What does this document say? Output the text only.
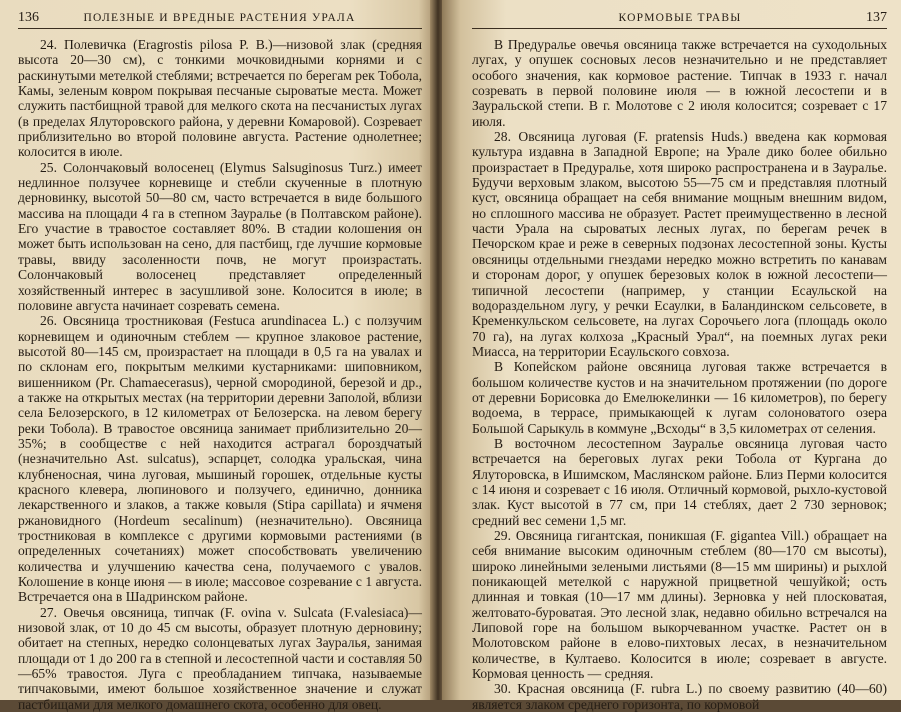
136	ПОЛЕЗНЫЕ И ВРЕДНЫЕ РАСТЕНИЯ УРАЛА

24. Полевичка (Eragrostis pilosa P. B.)—низовой злак (средняя высота 20—30 см), с тонкими мочковидными корнями и с раскинутыми метелкой стеблями; встречается по берегам рек Тобола, Камы, зеленым ковром покрывая песчаные сыроватые места. Может служить пастбищной травой для мелкого скота на песчанистых лугах (в пределах Ялуторовского района, у деревни Комаровой). Созревает приблизительно во второй половине августа. Растение однолетнее; колосится в июле.

25. Солончаковый волосенец (Elymus Salsuginosus Turz.) имеет недлинное ползучее корневище и стебли скученные в плотную дерновинку, высотой 50—80 см, часто встречается в виде большого массива на площади 4 га в степном Зауралье (в Полтавском районе). Его участие в травостое составляет 80%. В стадии колошения он может быть использован на сено, для пастбищ, где лучшие кормовые травы, ввиду засоленности почв, не могут произрастать. Солончаковый волосенец представляет определенный хозяйственный интерес в засушливой зоне. Колосится в июле; в половине августа начинает созревать семена.

26. Овсяница тростниковая (Festuca arundinacea L.) с ползучим корневищем и одиночным стеблем — крупное злаковое растение, высотой 80—145 см, произрастает на площади в 0,5 га на увалах и по склонам его, покрытым мелкими кустарниками: шиповником, вишенником (Pr. Chamaecerasus), черной смородиной, березой и др., а также на открытых местах (на территории деревни Заполой, вблизи села Белозерского, в 12 километрах от Белозерска. на левом берегу реки Тобола). В травостое овсяница занимает приблизительно 20—35%; в сообществе с ней находится астрагал бороздчатый (незначительно Ast. sulcatus), эспарцет, солодка уральская, чина клубненосная, чина луговая, мышиный горошек, отдельные кусты красного клевера, люпинового и ползучего, единично, донника лекарственного и злаков, а также ковыля (Stipa capillata) и ячменя ржановидного (Hordeum secalinum) (незначительно). Овсяница тростниковая в комплексе с другими кормовыми растениями (в определенных сочетаниях) может способствовать увеличению количества и улучшению качества сена, получаемого с увалов. Колошение в конце июня — в июле; массовое созревание с 1 августа. Встречается она в Шадринском районе.

27. Овечья овсяница, типчак (F. ovina v. Sulcata (F.valesiaca)—низовой злак, от 10 до 45 см высоты, образует плотную дерновину; обитает на степных, нередко солонцеватых лугах Зауралья, занимая площади от 1 до 200 га в степной и лесостепной части и составляя 50—65% травостоя. Луга с преобладанием типчака, называемые типчаковыми, имеют большое хозяйственное значение и служат пастбищами для мелкого домашнего скота, особенно для овец.

КОРМОВЫЕ ТРАВЫ	137

В Предуралье овечья овсяница также встречается на суходольных лугах, у опушек сосновых лесов незначительно и не представляет особого значения, как кормовое растение. Типчак в 1933 г. начал созревать в первой половине июля — в южной лесостепи и в Зауральской степи. В г. Молотове с 2 июля колосится; созревает с 17 июля.

28. Овсяница луговая (F. pratensis Huds.) введена как кормовая культура издавна в Западной Европе; на Урале дико более обильно произрастает в Предуралье, хотя широко распространена и в Зауралье. Будучи верховым злаком, высотою 55—75 см и представляя плотный куст, овсяница обращает на себя внимание мощным внешним видом, но сплошного массива не образует. Растет преимущественно в лесной части Урала на сыроватых лесных лугах, по берегам речек в Печорском крае и реже в северных подзонах лесостепной зоны. Кусты овсяницы отдельными гнездами нередко можно встретить по канавам и сторонам дорог, у опушек березовых колок в южной лесостепи—типичной лесостепи (например, у станции Есаульской на водораздельном лугу, у речки Есаулки, в Баландинском сельсовете, в Кременкульском сельсовете, на лугах Сорочьего лога (площадь около 70 га), на лугах колхоза „Красный Урал“, на поемных лугах реки Миасса, на территории Есаульского совхоза.

В Копейском районе овсяница луговая также встречается в большом количестве кустов и на значительном протяжении (по дороге от деревни Борисовка до Емелюкелинки — 16 километров), по берегу водоема, в террасе, примыкающей к лугам солоноватого озера Большой Сарыкуль в коммуне „Всходы“ в 3,5 километрах от селения.

В восточном лесостепном Зауралье овсяница луговая часто встречается на береговых лугах реки Тобола от Кургана до Ялуторовска, в Ишимском, Маслянском районе. Близ Перми колосится с 14 июня и созревает с 16 июля. Отличный кормовой, рыхло-кустовой злак. Куст высотой в 77 см, при 14 стеблях, дает 2 730 зерновок; средний вес семени 1,5 мг.

29. Овсяница гигантская, поникшая (F. gigantea Vill.) обращает на себя внимание высоким одиночным стеблем (80—170 см высоты), широко линейными зелеными листьями (8—15 мм ширины) и рыхлой поникающей метелкой с наружной прицветной чешуйкой; ость длинная и товкая (10—17 мм длины). Зерновка у ней плосковатая, желтовато-буроватая. Это лесной злак, недавно обильно встречался на Липовой горе на большом выкорчеванном участке. Растет он в Молотовском районе в елово-пихтовых лесах, в незначительном количестве, в Култаево. Колосится в июле; созревает в августе. Кормовая ценность — средняя.

30. Красная овсяница (F. rubra L.) по своему развитию (40—60) является злаком среднего горизонта, по кормовой
